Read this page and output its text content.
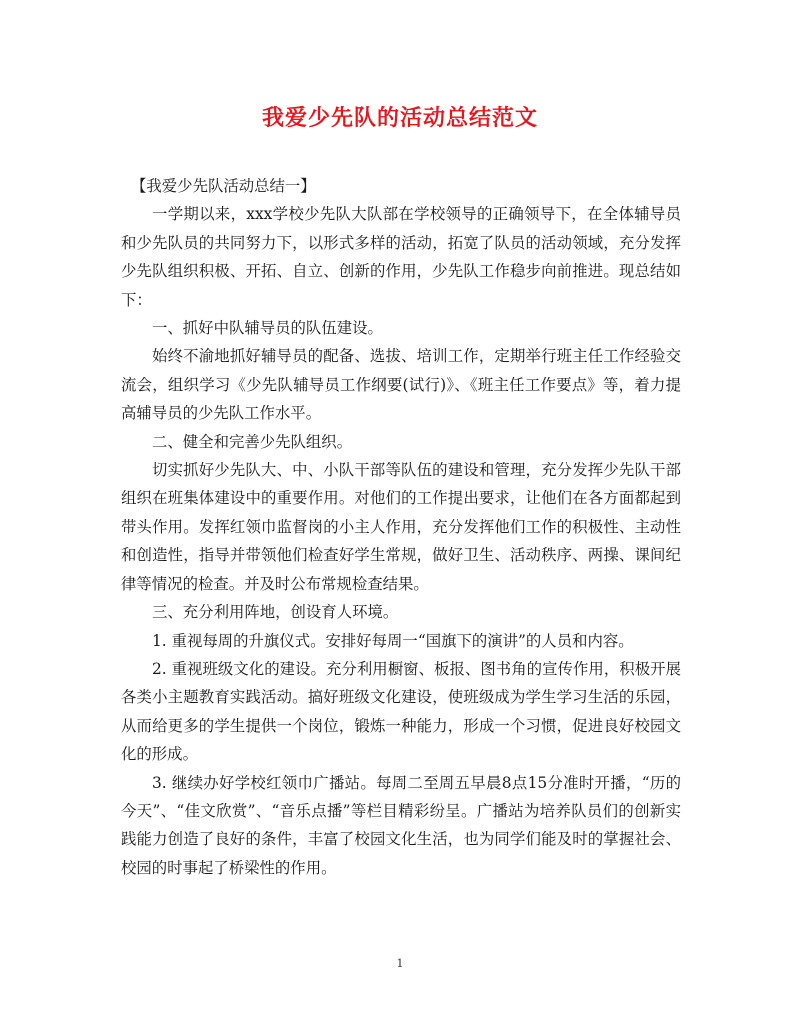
我爱少先队的活动总结范文

【我爱少先队活动总结一】

一学期以来，xxx学校少先队大队部在学校领导的正确领导下，在全体辅导员和少先队员的共同努力下，以形式多样的活动，拓宽了队员的活动领域，充分发挥少先队组织积极、开拓、自立、创新的作用，少先队工作稳步向前推进。现总结如下：

一、抓好中队辅导员的队伍建设。

始终不渝地抓好辅导员的配备、选拔、培训工作，定期举行班主任工作经验交流会，组织学习《少先队辅导员工作纲要(试行)》、《班主任工作要点》等，着力提高辅导员的少先队工作水平。

二、健全和完善少先队组织。

切实抓好少先队大、中、小队干部等队伍的建设和管理，充分发挥少先队干部组织在班集体建设中的重要作用。对他们的工作提出要求，让他们在各方面都起到带头作用。发挥红领巾监督岗的小主人作用，充分发挥他们工作的积极性、主动性和创造性，指导并带领他们检查好学生常规，做好卫生、活动秩序、两操、课间纪律等情况的检查。并及时公布常规检查结果。

三、充分利用阵地，创设育人环境。

1. 重视每周的升旗仪式。安排好每周一“国旗下的演讲”的人员和内容。

2. 重视班级文化的建设。充分利用橱窗、板报、图书角的宣传作用，积极开展各类小主题教育实践活动。搞好班级文化建设，使班级成为学生学习生活的乐园，从而给更多的学生提供一个岗位，锻炼一种能力，形成一个习惯，促进良好校园文化的形成。

3. 继续办好学校红领巾广播站。每周二至周五早晨8点15分准时开播，“历的今天”、“佳文欣赏”、“音乐点播”等栏目精彩纷呈。广播站为培养队员们的创新实践能力创造了良好的条件，丰富了校园文化生活，也为同学们能及时的掌握社会、校园的时事起了桥梁性的作用。

1
